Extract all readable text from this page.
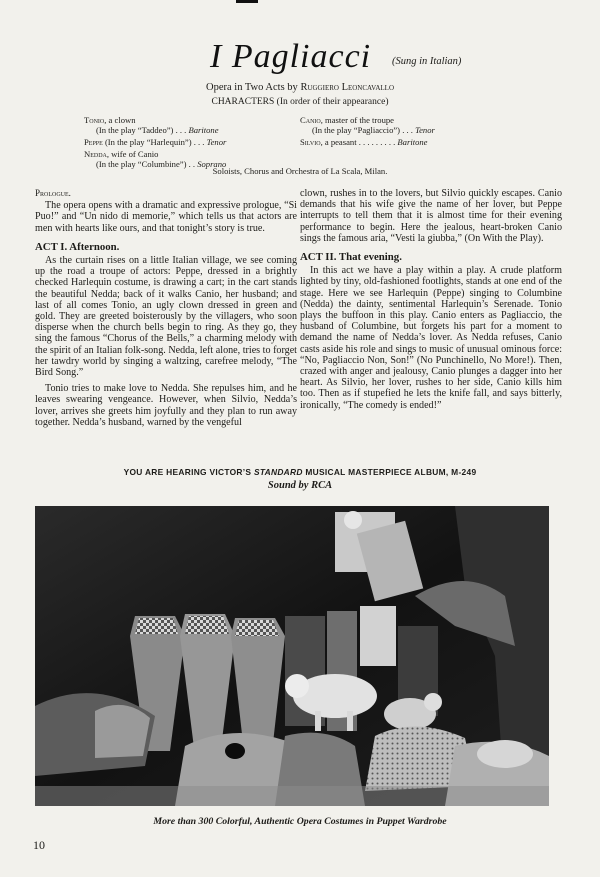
I Pagliacci (Sung in Italian)
Opera in Two Acts by Ruggiero Leoncavallo
CHARACTERS (In order of their appearance)
Tonio, a clown
(In the play “Taddeo”) . . . Baritone
Peppe (In the play “Harlequin”) . . . Tenor
Nedda, wife of Canio
(In the play “Columbine”) . . Soprano
Canio, master of the troupe
(In the play “Pagliaccio”) . . . Tenor
Silvio, a peasant . . . . . . . . . Baritone
Soloists, Chorus and Orchestra of La Scala, Milan.
Prologue.

The opera opens with a dramatic and expressive prologue, “Si Puo!” and “Un nido di memorie,” which tells us that actors are men with hearts like ours, and that tonight’s story is true.

ACT I. Afternoon.

As the curtain rises on a little Italian village, we see coming up the road a troupe of actors: Peppe, dressed in a brightly checked Harlequin costume, is drawing a cart; in the cart stands the beautiful Nedda; back of it walks Canio, her husband; and last of all comes Tonio, an ugly clown dressed in green and gold. They are greeted boisterously by the villagers, who soon disperse when the church bells begin to ring. As they go, they sing the famous “Chorus of the Bells,” a charming melody with the spirit of an Italian folk-song. Nedda, left alone, tries to forget her tawdry world by singing a waltzing, carefree melody, “The Bird Song.”

Tonio tries to make love to Nedda. She repulses him, and he leaves swearing vengeance. However, when Silvio, Nedda’s lover, arrives she greets him joyfully and they plan to run away together. Nedda’s husband, warned by the vengeful

clown, rushes in to the lovers, but Silvio quickly escapes. Canio demands that his wife give the name of her lover, but Peppe interrupts to tell them that it is almost time for their evening performance to begin. Here the jealous, heart-broken Canio sings the famous aria, “Vesti la giubba,” (On With the Play).

ACT II. That evening.

In this act we have a play within a play. A crude platform lighted by tiny, old-fashioned footlights, stands at one end of the stage. Here we see Harlequin (Peppe) singing to Columbine (Nedda) the dainty, sentimental Harlequin’s Serenade. Tonio plays the buffoon in this play. Canio enters as Pagliaccio, the husband of Columbine, but forgets his part for a moment to demand the name of Nedda’s lover. As Nedda refuses, Canio casts aside his role and sings to music of unusual ominous force: “No, Pagliaccio Non, Son!” (No Punchinello, No More!). Then, crazed with anger and jealousy, Canio plunges a dagger into her heart. As Silvio, her lover, rushes to her side, Canio kills him too. Then as if stupefied he lets the knife fall, and says bitterly, ironically, “The comedy is ended!”

YOU ARE HEARING VICTOR’S STANDARD MUSICAL MASTERPIECE ALBUM, M-249
Sound by RCA
More than 300 Colorful, Authentic Opera Costumes in Puppet Wardrobe
10
